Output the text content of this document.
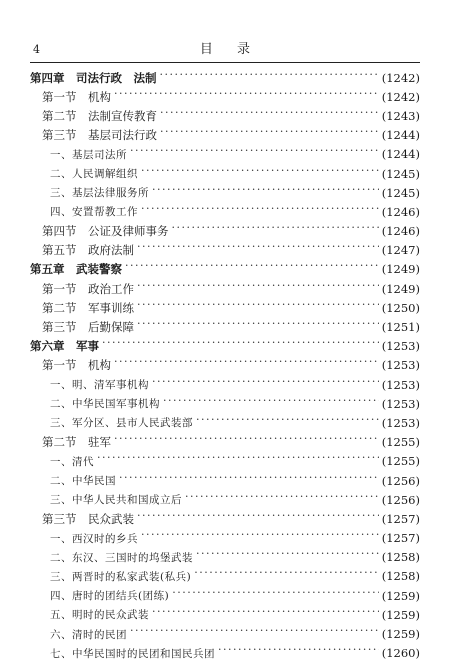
4	目 录
第四章　司法行政　法制 ·····	(1242)
第一节　机构 ·····	(1242)
第二节　法制宣传教育 ·····	(1243)
第三节　基层司法行政 ·····	(1244)
一、基层司法所 ·····	(1244)
二、人民调解组织 ·····	(1245)
三、基层法律服务所 ·····	(1245)
四、安置帮教工作 ·····	(1246)
第四节　公证及律师事务 ·····	(1246)
第五节　政府法制 ·····	(1247)
第五章　武装警察 ·····	(1249)
第一节　政治工作 ·····	(1249)
第二节　军事训练 ·····	(1250)
第三节　后勤保障 ·····	(1251)
第六章　军事 ·····	(1253)
第一节　机构 ·····	(1253)
一、明、清军事机构 ·····	(1253)
二、中华民国军事机构 ·····	(1253)
三、军分区、县市人民武装部 ·····	(1253)
第二节　驻军 ·····	(1255)
一、清代 ·····	(1255)
二、中华民国 ·····	(1256)
三、中华人民共和国成立后 ·····	(1256)
第三节　民众武装 ·····	(1257)
一、西汉时的乡兵 ·····	(1257)
二、东汉、三国时的坞堡武装 ·····	(1258)
三、两晋时的私家武装(私兵) ·····	(1258)
四、唐时的团结兵(团练) ·····	(1259)
五、明时的民众武装 ·····	(1259)
六、清时的民团 ·····	(1259)
七、中华民国时的民团和国民兵团 ·····	(1260)
